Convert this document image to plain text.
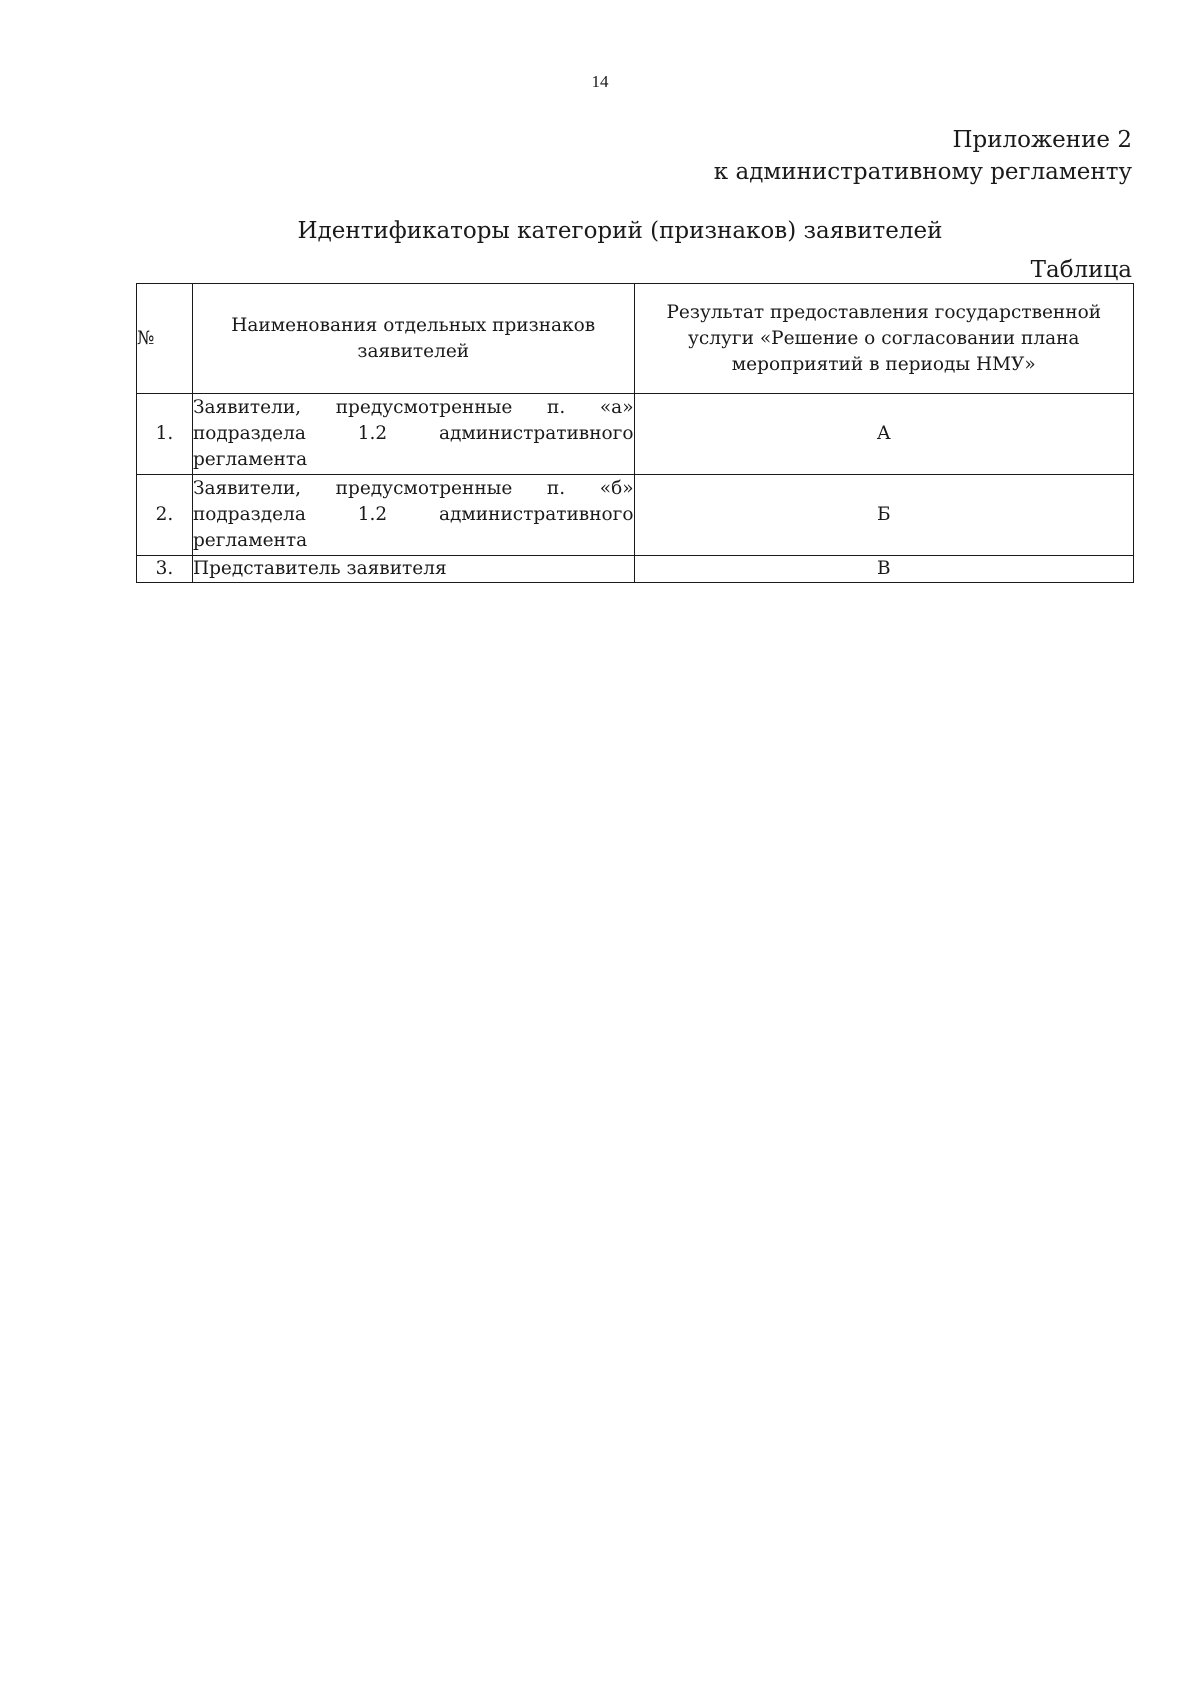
14
Приложение 2
к административному регламенту
Идентификаторы категорий (признаков) заявителей
Таблица
№	Наименования отдельных признаков заявителей	Результат предоставления государственной услуги «Решение о согласовании плана мероприятий в периоды НМУ»
1.	Заявители, предусмотренные п. «а» подраздела 1.2 административного регламента	А
2.	Заявители, предусмотренные п. «б» подраздела 1.2 административного регламента	Б
3.	Представитель заявителя	В
